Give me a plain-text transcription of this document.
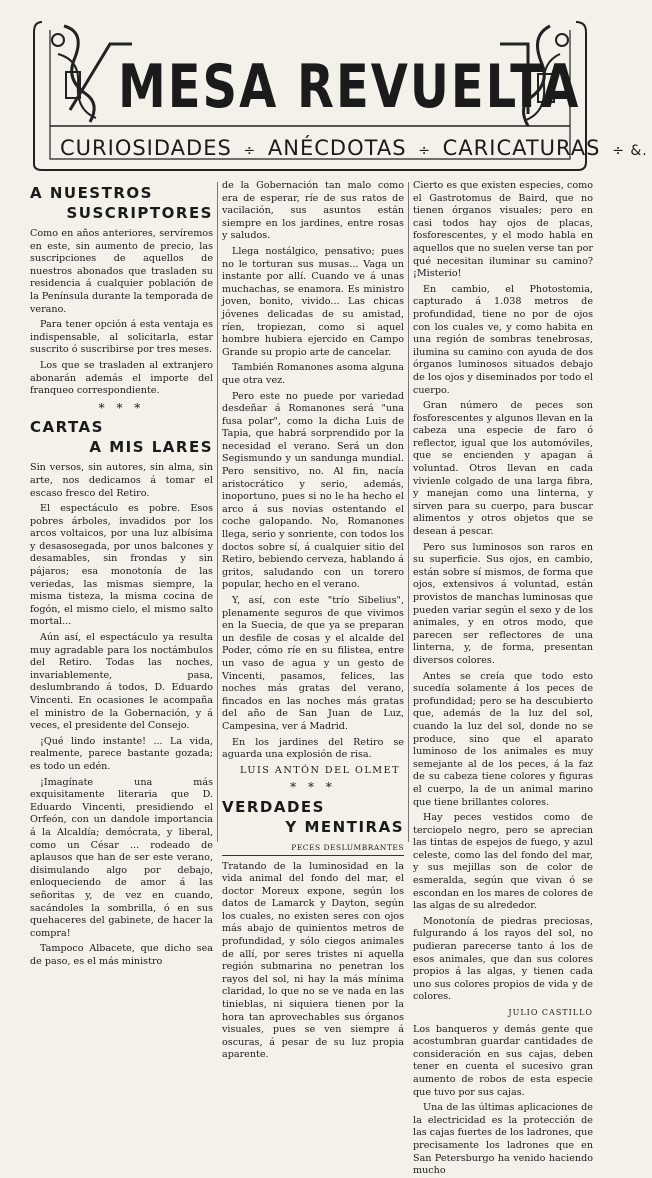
MESA REVUELTA
CURIOSIDADES ÷ ANÉCDOTAS ÷ CARICATURAS ÷ &.
A NUESTROS
SUSCRIPTORES

Como en años anteriores, servíremos en este, sin aumento de precio, las suscripciones de aquellos de nuestros abonados que trasladen su residencia á cualquier población de la Península durante la temporada de verano.

Para tener opción á esta ventaja es indispensable, al solicitarla, estar suscrito ó suscribirse por tres meses.

Los que se trasladen al extranjero abonarán además el importe del franqueo correspondiente.

* * *
CARTAS
A MIS LARES

Sin versos, sin autores, sin alma, sin arte, nos dedicamos á tomar el escaso fresco del Retiro.

El espectáculo es pobre. Esos pobres árboles, invadidos por los arcos voltaicos, por una luz albísima y desasosegada, por unos balcones y desamables, sin frondas y sin pájaros; esa monotonía de las veriedas, las mismas siempre, la misma tisteza, la misma cocina de fogón, el mismo cielo, el mismo salto mortal...

Aún así, el espectáculo ya resulta muy agradable para los noctámbulos del Retiro. Todas las noches, invariablemente, pasa, deslumbrando á todos, D. Eduardo Vincenti. En ocasiones le acompaña el ministro de la Gobernación, y á veces, el presidente del Consejo.

¡Qué lindo instante! ... La vida, realmente, parece bastante gozada; es todo un edén.

¡Imagínate una más exquisitamente literaria que D. Eduardo Vincenti, presidiendo el Orfeón, con un dandole importancia á la Alcaldía; demócrata, y liberal, como un César ... rodeado de aplausos que han de ser este verano, disimulando algo por debajo, enloqueciendo de amor á las señoritas y, de vez en cuando, sacándoles la sombrilla, ó en sus quehaceres del gabinete, de hacer la compra!

Tampoco Albacete, que dicho sea de paso, es el más ministro

de la Gobernación tan malo como era de esperar, ríe de sus ratos de vacilación, sus asuntos están siempre en los jardines, entre rosas y saludos.

Llega nostálgico, pensativo; pues no le torturan sus musas... Vaga un instante por allí. Cuando ve á unas muchachas, se enamora. Es ministro joven, bonito, vivido... Las chicas jóvenes delicadas de su amistad, ríen, tropiezan, como si aquel hombre hubiera ejercido en Campo Grande su propio arte de cancelar.

También Romanones asoma alguna que otra vez.

Pero este no puede por variedad desdeñar á Romanones será "una fusa polar", como la dicha Luis de Tapia, que habrá sorprendido por la necesidad el verano. Será un don Segismundo y un sandunga mundial. Pero sensitivo, no. Al fin, nacía aristocrático y serio, además, inoportuno, pues si no le ha hecho el arco á sus novias ostentando el coche galopando. No, Romanones llega, serio y sonriente, con todos los doctos sobre sí, á cualquier sitio del Retiro, bebiendo cerveza, hablando á gritos, saludando con un torero popular, hecho en el verano.

Y, así, con este "trío Sibelius", plenamente seguros de que vivimos en la Suecia, de que ya se preparan un desfile de cosas y el alcalde del Poder, cómo ríe en su filistea, entre un vaso de agua y un gesto de Vincenti, pasamos, felices, las noches más gratas del verano, fincados en las noches más gratas del año de San Juan de Luz, Campesina, ver á Madrid.

En los jardines del Retiro se aguarda una explosión de risa.

LUIS ANTÓN DEL OLMET
* * *
VERDADES
Y MENTIRAS
PECES DESLUMBRANTES

Tratando de la luminosidad en la vida animal del fondo del mar, el doctor Moreux expone, según los datos de Lamarck y Dayton, según los cuales, no existen seres con ojos más abajo de quinientos metros de profundidad, y sólo ciegos animales de allí, por seres tristes ni aquella región submarina no penetran los rayos del sol, ni hay la más mínima claridad, lo que no se ve nada en las tinieblas, ni siquiera tienen por la hora tan aprovechables sus órganos visuales, pues se ven siempre á oscuras, á pesar de su luz propia aparente.

Cierto es que existen especies, como el Gastrotomus de Baird, que no tienen órganos visuales; pero en casi todos hay ojos de placas, fosforescentes, y el modo habla en aquellos que no suelen verse tan por qué necesitan iluminar su camino? ¡Misterio!

En cambio, el Photostomia, capturado á 1.038 metros de profundidad, tiene no por de ojos con los cuales ve, y como habita en una región de sombras tenebrosas, ilumina su camino con ayuda de dos órganos luminosos situados debajo de los ojos y diseminados por todo el cuerpo.

Gran número de peces son fosforescentes y algunos llevan en la cabeza una especie de faro ó reflector, igual que los automóviles, que se encienden y apagan á voluntad. Otros llevan en cada vivienle colgado de una larga fibra, y manejan como una linterna, y sirven para su cuerpo, para buscar alimentos y otros objetos que se desean á pescar.

Pero sus luminosos son raros en su superficie. Sus ojos, en cambio, están sobre sí mismos, de forma que ojos, extensivos á voluntad, están provistos de manchas luminosas que pueden variar según el sexo y de los animales, y en otros modo, que parecen ser reflectores de una linterna, y, de forma, presentan diversos colores.

Antes se creía que todo esto sucedía solamente á los peces de profundidad; pero se ha descubierto que, además de la luz del sol, cuando la luz del sol, donde no se produce, sino que el aparato luminoso de los animales es muy semejante al de los peces, á la faz de su cabeza tiene colores y figuras el cuerpo, la de un animal marino que tiene brillantes colores.

Hay peces vestidos como de terciopelo negro, pero se aprecian las tintas de espejos de fuego, y azul celeste, como las del fondo del mar, y sus mejillas son de color de esmeralda, según que vivan ó se escondan en los mares de colores de las algas de su alrededor.

Monotonía de piedras preciosas, fulgurando á los rayos del sol, no pudieran parecerse tanto á los de esos animales, que dan sus colores propios á las algas, y tienen cada uno sus colores propios de vida y de colores.

JULIO CASTILLO

Los banqueros y demás gente que acostumbran guardar cantidades de consideración en sus cajas, deben tener en cuenta el sucesivo gran aumento de robos de esta especie que tuvo por sus cajas.

Una de las últimas aplicaciones de la electricidad es la protección de las cajas fuertes de los ladrones, que precisamente los ladrones que en San Petersburgo ha venido haciendo mucho
